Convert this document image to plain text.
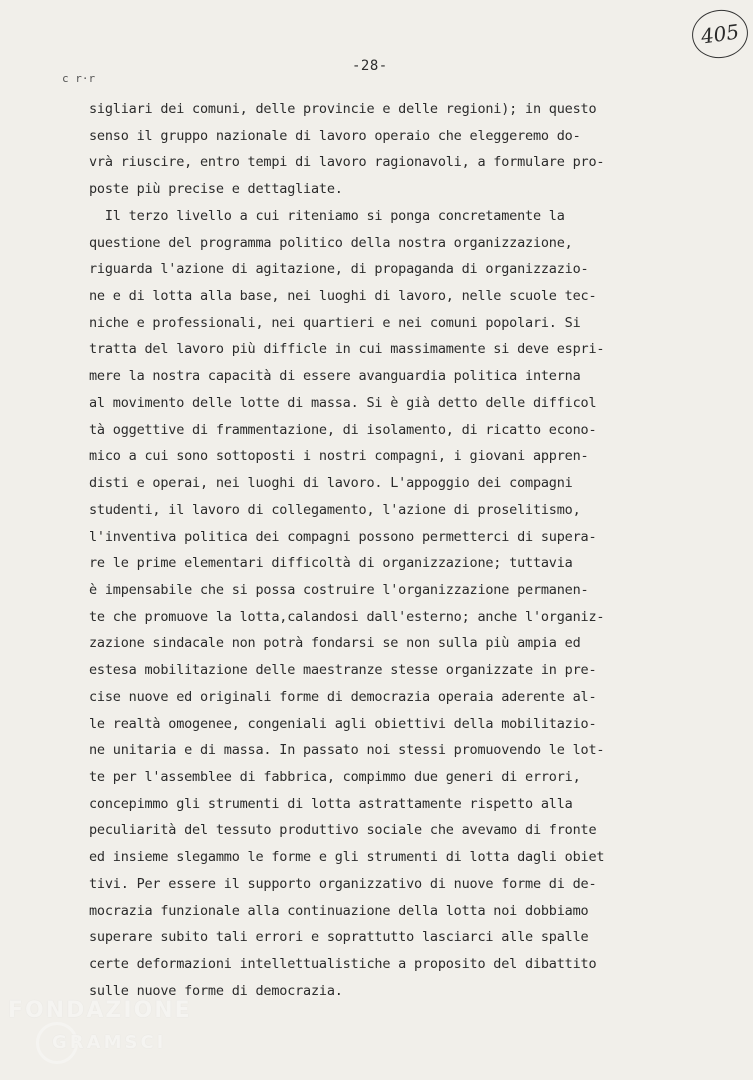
c r·r
-28-
405
sigliari dei comuni, delle provincie e delle regioni); in questo
senso il gruppo nazionale di lavoro operaio che eleggeremo do-
vrà riuscire, entro tempi di lavoro ragionavoli, a formulare pro-
poste più precise e dettagliate.
Il terzo livello a cui riteniamo si ponga concretamente la
questione del programma politico della nostra organizzazione,
riguarda l'azione di agitazione, di propaganda di organizzazio-
ne e di lotta alla base, nei luoghi di lavoro, nelle scuole tec-
niche e professionali, nei quartieri e nei comuni popolari. Si
tratta del lavoro più difficle in cui massimamente si deve espri-
mere la nostra capacità di essere avanguardia politica interna
al movimento delle lotte di massa. Si è già detto delle difficol
tà oggettive di frammentazione, di isolamento, di ricatto econo-
mico a cui sono sottoposti i nostri compagni, i giovani appren-
disti e operai, nei luoghi di lavoro. L'appoggio dei compagni
studenti, il lavoro di collegamento, l'azione di proselitismo,
l'inventiva politica dei compagni possono permetterci di supera-
re le prime elementari difficoltà di organizzazione; tuttavia
è impensabile che si possa costruire l'organizzazione permanen-
te che promuove la lotta,calandosi dall'esterno; anche l'organiz-
zazione sindacale non potrà fondarsi se non sulla più ampia ed
estesa mobilitazione delle maestranze stesse organizzate in pre-
cise nuove ed originali forme di democrazia operaia aderente al-
le realtà omogenee, congeniali agli obiettivi della mobilitazio-
ne unitaria e di massa. In passato noi stessi promuovendo le lot-
te per l'assemblee di fabbrica, compimmo due generi di errori,
concepimmo gli strumenti di lotta astrattamente rispetto alla
peculiarità del tessuto produttivo sociale che avevamo di fronte
ed insieme slegammo le forme e gli strumenti di lotta dagli obiet
tivi. Per essere il supporto organizzativo di nuove forme di de-
mocrazia funzionale alla continuazione della lotta noi dobbiamo
superare subito tali errori e soprattutto lasciarci alle spalle
certe deformazioni intellettualistiche a proposito del dibattito
sulle nuove forme di democrazia.
FONDAZIONE
GRAMSCI
